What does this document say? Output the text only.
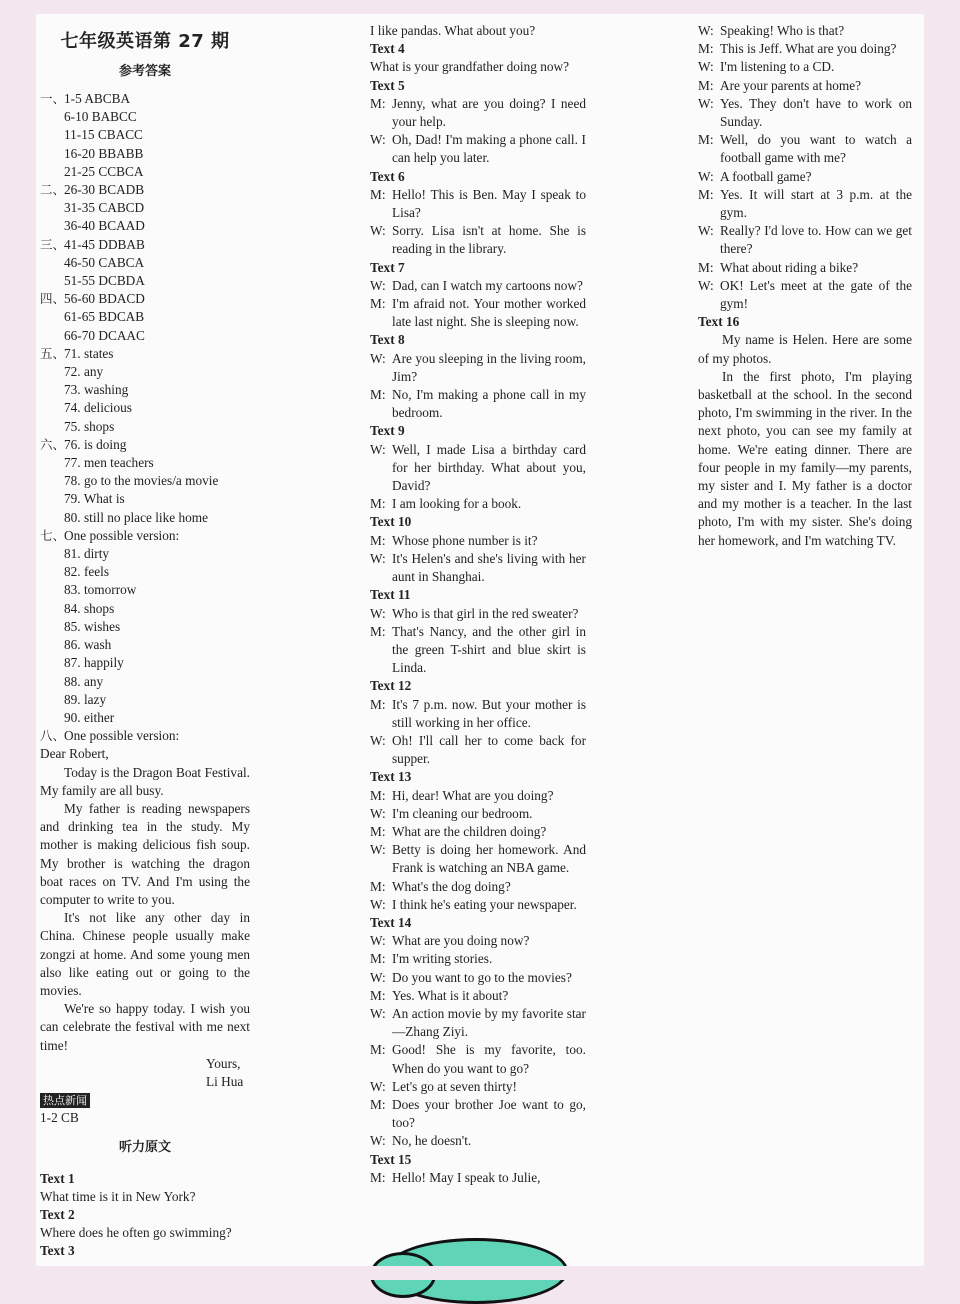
七年级英语第 27 期
参考答案
一、
1-5 ABCBA
6-10 BABCC
11-15 CBACC
16-20 BBABB
21-25 CCBCA
二、
26-30 BCADB
31-35 CABCD
36-40 BCAAD
三、
41-45 DDBAB
46-50 CABCA
51-55 DCBDA
四、
56-60 BDACD
61-65 BDCAB
66-70 DCAAC
五、
71. states
72. any
73. washing
74. delicious
75. shops
六、
76. is doing
77. men teachers
78. go to the movies/a movie
79. What is
80. still no place like home
七、
One possible version:
81. dirty
82. feels
83. tomorrow
84. shops
85. wishes
86. wash
87. happily
88. any
89. lazy
90. either
八、
One possible version:
Dear Robert,
Today is the Dragon Boat Festival. My family are all busy.
My father is reading newspapers and drinking tea in the study. My mother is making delicious fish soup. My brother is watching the dragon boat races on TV. And I'm using the computer to write to you.
It's not like any other day in China. Chinese people usually make zongzi at home. And some young men also like eating out or going to the movies.
We're so happy today. I wish you can celebrate the festival with me next time!
Yours,
Li Hua
热点新闻
1-2 CB
听力原文
Text 1
What time is it in New York?
Text 2
Where does he often go swimming?
Text 3
I like pandas. What about you?
Text 4
What is your grandfather doing now?
Text 5
M: Jenny, what are you doing? I need your help.
W: Oh, Dad! I'm making a phone call. I can help you later.
Text 6
M: Hello! This is Ben. May I speak to Lisa?
W: Sorry. Lisa isn't at home. She is reading in the library.
Text 7
W: Dad, can I watch my cartoons now?
M: I'm afraid not. Your mother worked late last night. She is sleeping now.
Text 8
W: Are you sleeping in the living room, Jim?
M: No, I'm making a phone call in my bedroom.
Text 9
W: Well, I made Lisa a birthday card for her birthday. What about you, David?
M: I am looking for a book.
Text 10
M: Whose phone number is it?
W: It's Helen's and she's living with her aunt in Shanghai.
Text 11
W: Who is that girl in the red sweater?
M: That's Nancy, and the other girl in the green T-shirt and blue skirt is Linda.
Text 12
M: It's 7 p.m. now. But your mother is still working in her office.
W: Oh! I'll call her to come back for supper.
Text 13
M: Hi, dear! What are you doing?
W: I'm cleaning our bedroom.
M: What are the children doing?
W: Betty is doing her homework. And Frank is watching an NBA game.
M: What's the dog doing?
W: I think he's eating your newspaper.
Text 14
W: What are you doing now?
M: I'm writing stories.
W: Do you want to go to the movies?
M: Yes. What is it about?
W: An action movie by my favorite star—Zhang Ziyi.
M: Good! She is my favorite, too. When do you want to go?
W: Let's go at seven thirty!
M: Does your brother Joe want to go, too?
W: No, he doesn't.
Text 15
M: Hello! May I speak to Julie,
W: Speaking! Who is that?
M: This is Jeff. What are you doing?
W: I'm listening to a CD.
M: Are your parents at home?
W: Yes. They don't have to work on Sunday.
M: Well, do you want to watch a football game with me?
W: A football game?
M: Yes. It will start at 3 p.m. at the gym.
W: Really? I'd love to. How can we get there?
M: What about riding a bike?
W: OK! Let's meet at the gate of the gym!
Text 16
My name is Helen. Here are some of my photos.
In the first photo, I'm playing basketball at the school. In the second photo, I'm swimming in the river. In the next photo, you can see my family at home. We're eating dinner. There are four people in my family—my parents, my sister and I. My father is a doctor and my mother is a teacher. In the last photo, I'm with my sister. She's doing her homework, and I'm watching TV.
